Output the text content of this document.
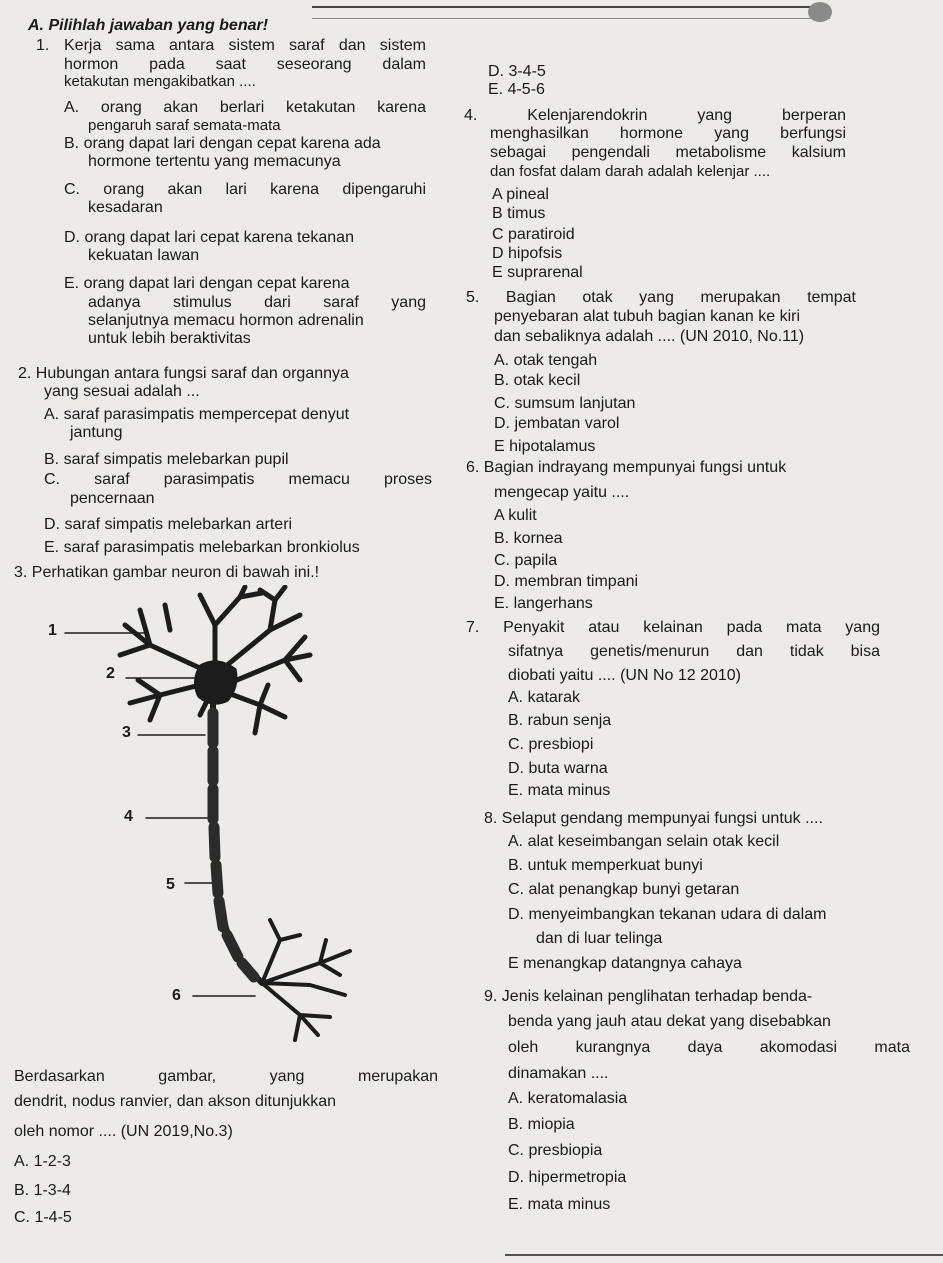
A. Pilihlah jawaban yang benar!
1. Kerja sama antara sistem saraf dan sistem
hormon pada saat seseorang dalam
ketakutan mengakibatkan ....
A. orang akan berlari ketakutan karena
pengaruh saraf semata-mata
B. orang dapat lari dengan cepat karena ada
hormone tertentu yang memacunya
C. orang akan lari karena dipengaruhi
kesadaran
D. orang dapat lari cepat karena tekanan
kekuatan lawan
E. orang dapat lari dengan cepat karena
adanya stimulus dari saraf yang
selanjutnya memacu hormon adrenalin
untuk lebih beraktivitas
2. Hubungan antara fungsi saraf dan organnya
yang sesuai adalah ...
A. saraf parasimpatis mempercepat denyut
jantung
B. saraf simpatis melebarkan pupil
C. saraf parasimpatis memacu proses
pencernaan
D. saraf simpatis melebarkan arteri
E. saraf parasimpatis melebarkan bronkiolus
3. Perhatikan gambar neuron di bawah ini.!
1
2
3
4
5
6
Berdasarkan gambar, yang merupakan
dendrit, nodus ranvier, dan akson ditunjukkan
oleh nomor .... (UN 2019,No.3)
A. 1-2-3
B. 1-3-4
C. 1-4-5
D. 3-4-5
E. 4-5-6
4. Kelenjarendokrin yang berperan
menghasilkan hormone yang berfungsi
sebagai pengendali metabolisme kalsium
dan fosfat dalam darah adalah kelenjar ....
A pineal
B timus
C paratiroid
D hipofsis
E suprarenal
5. Bagian otak yang merupakan tempat
penyebaran alat tubuh bagian kanan ke kiri
dan sebaliknya adalah .... (UN 2010, No.11)
A. otak tengah
B. otak kecil
C. sumsum lanjutan
D. jembatan varol
E hipotalamus
6. Bagian indrayang mempunyai fungsi untuk
mengecap yaitu ....
A kulit
B. kornea
C. papila
D. membran timpani
E. langerhans
7. Penyakit atau kelainan pada mata yang
sifatnya genetis/menurun dan tidak bisa
diobati yaitu .... (UN No 12 2010)
A. katarak
B. rabun senja
C. presbiopi
D. buta warna
E. mata minus
8. Selaput gendang mempunyai fungsi untuk ....
A. alat keseimbangan selain otak kecil
B. untuk memperkuat bunyi
C. alat penangkap bunyi getaran
D. menyeimbangkan tekanan udara di dalam
dan di luar telinga
E menangkap datangnya cahaya
9. Jenis kelainan penglihatan terhadap benda-
benda yang jauh atau dekat yang disebabkan
oleh kurangnya daya akomodasi mata
dinamakan ....
A. keratomalasia
B. miopia
C. presbiopia
D. hipermetropia
E. mata minus
